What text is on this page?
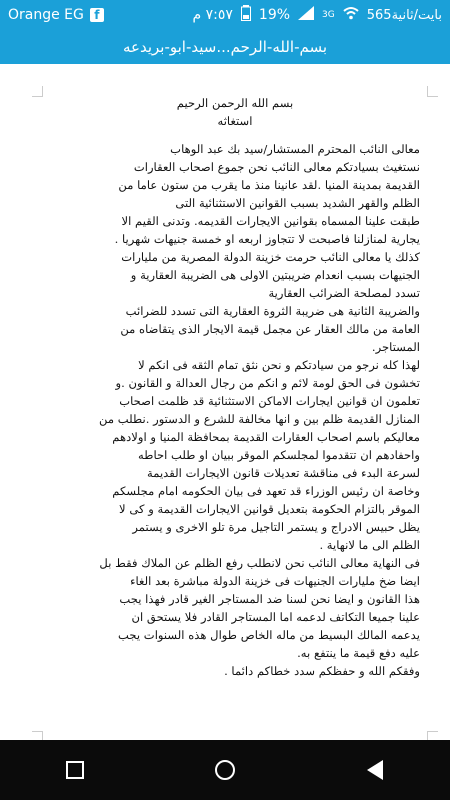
Orange EG f	٧:٥٧ م 19%	3G 565بايت/ثانية
بسم-الله-الرحم...سيد-ابو-بريدعه

بسم الله الرحمن الرحيم

استغاثه

معالى النائب المحترم المستشار/سيد بك عبد الوهاب

نستغيث بسيادتكم معالى النائب نحن جموع اصحاب العقارات

القديمة بمدينة المنيا .لقد عانينا منذ ما يقرب من ستون عاما من

الظلم والقهر الشديد بسبب القوانين الاستثنائية التى

طبقت علينا المسماه بقوانين الايجارات القديمه. وتدنى القيم الا

يجارية لمنازلنا فاصبحت لا تتجاوز اربعه او خمسة جنيهات شهريا .

كذلك يا معالى النائب حرمت خزينة الدولة المصرية من مليارات

الجنيهات بسبب انعدام ضريبتين الاولى هى الضريبة العقارية و

تسدد لمصلحة الضرائب العقارية

والضريبة الثانية هى ضريبة الثروة العقارية التى تسدد للضرائب

العامة من مالك العقار عن مجمل قيمة الايجار الذى يتقاضاه من

المستاجر.

لهذا كله نرجو من سيادتكم و نحن نثق تمام الثقه فى انكم لا

تخشون فى الحق لومة لائم و انكم من رجال العدالة و القانون .و

تعلمون ان قوانين ايجارات الاماكن الاستثنائية قد ظلمت اصحاب

المنازل القديمة ظلم بين و انها مخالفة للشرع و الدستور .نطلب من

معاليكم باسم اصحاب العقارات القديمة بمحافظة المنيا و اولادهم

واحفادهم ان تتقدموا لمجلسكم الموقر ببيان او طلب احاطه

لسرعة البدء فى مناقشة تعديلات قانون الايجارات القديمة

وخاصة ان رئيس الوزراء قد تعهد فى بيان الحكومه امام مجلسكم

الموقر بالتزام الحكومة بتعديل قوانين الايجارات القديمة و كى لا

يظل حبيس الادراج و يستمر التاجيل مرة تلو الاخرى و يستمر

الظلم الى ما لانهاية .

فى النهاية معالى النائب نحن لانطلب رفع الظلم عن الملاك فقط بل

ايضا ضخ مليارات الجنيهات فى خزينة الدولة مباشرة بعد الغاء

هذا القانون و ايضا نحن لسنا ضد المستاجر الغير قادر فهذا يجب

علينا جميعا التكاتف لدعمه اما المستاجر القادر فلا يستحق ان

يدعمه المالك البسيط من ماله الخاص طوال هذه السنوات يجب

عليه دفع قيمة ما ينتفع به.

وفقكم الله و حفظكم سدد خطاكم دائما .
